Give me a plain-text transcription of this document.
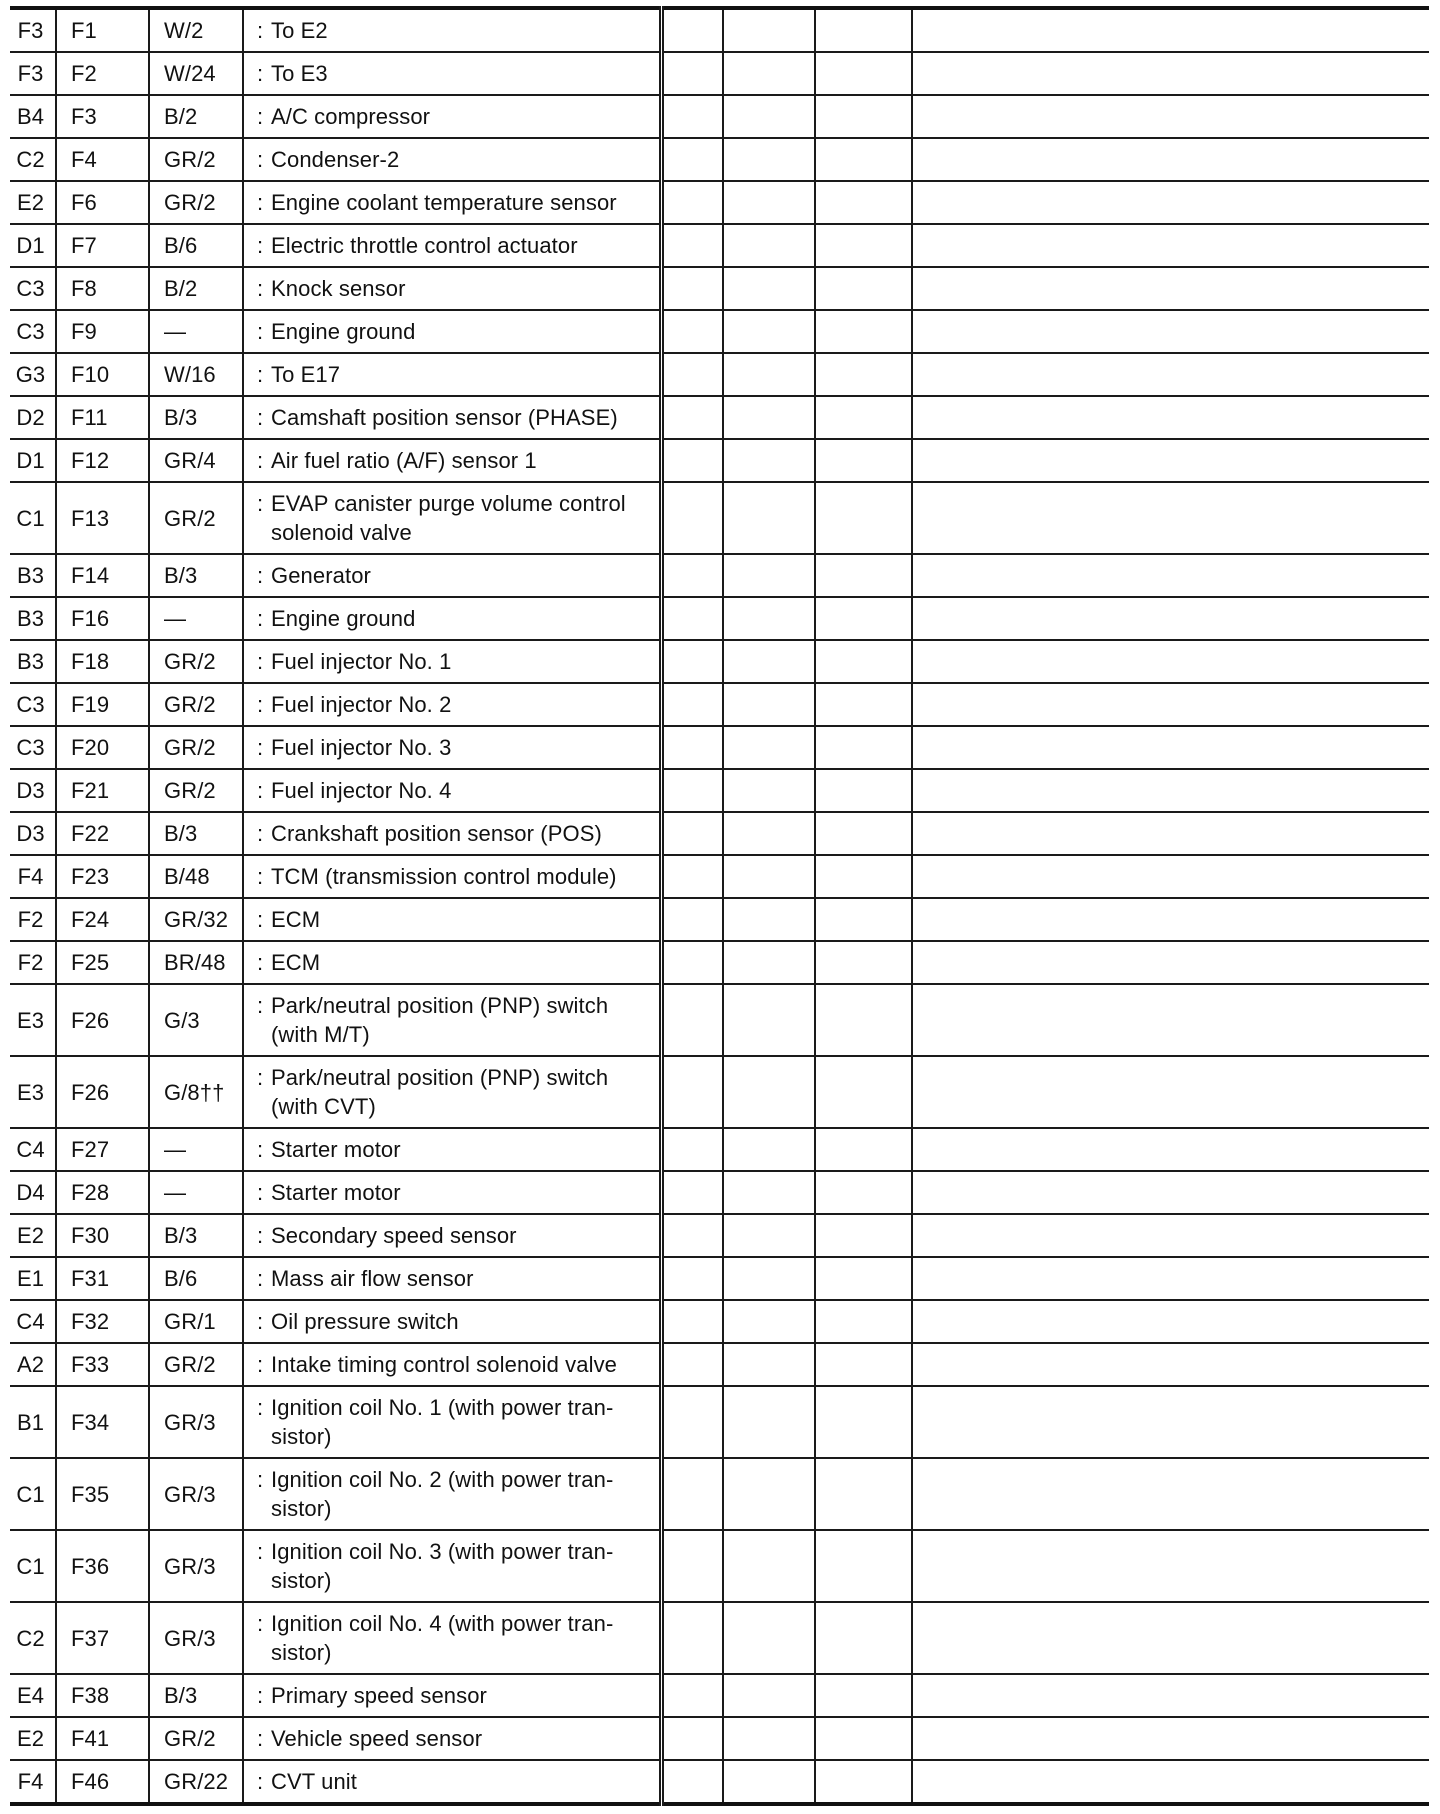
F3	F1	W/2	: To E2				

F3	F2	W/24	: To E3				

B4	F3	B/2	: A/C compressor				

C2	F4	GR/2	: Condenser-2				

E2	F6	GR/2	: Engine coolant temperature sensor				

D1	F7	B/6	: Electric throttle control actuator				

C3	F8	B/2	: Knock sensor				

C3	F9	—	: Engine ground				

G3	F10	W/16	: To E17				

D2	F11	B/3	: Camshaft position sensor (PHASE)				

D1	F12	GR/4	: Air fuel ratio (A/F) sensor 1				

C1	F13	GR/2	: EVAP canister purge volume control solenoid valve				

B3	F14	B/3	: Generator				

B3	F16	—	: Engine ground				

B3	F18	GR/2	: Fuel injector No. 1				

C3	F19	GR/2	: Fuel injector No. 2				

C3	F20	GR/2	: Fuel injector No. 3				

D3	F21	GR/2	: Fuel injector No. 4				

D3	F22	B/3	: Crankshaft position sensor (POS)				

F4	F23	B/48	: TCM (transmission control module)				

F2	F24	GR/32	: ECM				

F2	F25	BR/48	: ECM				

E3	F26	G/3	: Park/neutral position (PNP) switch (with M/T)				

E3	F26	G/8††	: Park/neutral position (PNP) switch (with CVT)				

C4	F27	—	: Starter motor				

D4	F28	—	: Starter motor				

E2	F30	B/3	: Secondary speed sensor				

E1	F31	B/6	: Mass air flow sensor				

C4	F32	GR/1	: Oil pressure switch				

A2	F33	GR/2	: Intake timing control solenoid valve				

B1	F34	GR/3	: Ignition coil No. 1 (with power tran- sistor)				

C1	F35	GR/3	: Ignition coil No. 2 (with power tran- sistor)				

C1	F36	GR/3	: Ignition coil No. 3 (with power tran- sistor)				

C2	F37	GR/3	: Ignition coil No. 4 (with power tran- sistor)				

E4	F38	B/3	: Primary speed sensor				

E2	F41	GR/2	: Vehicle speed sensor				

F4	F46	GR/22	: CVT unit				
